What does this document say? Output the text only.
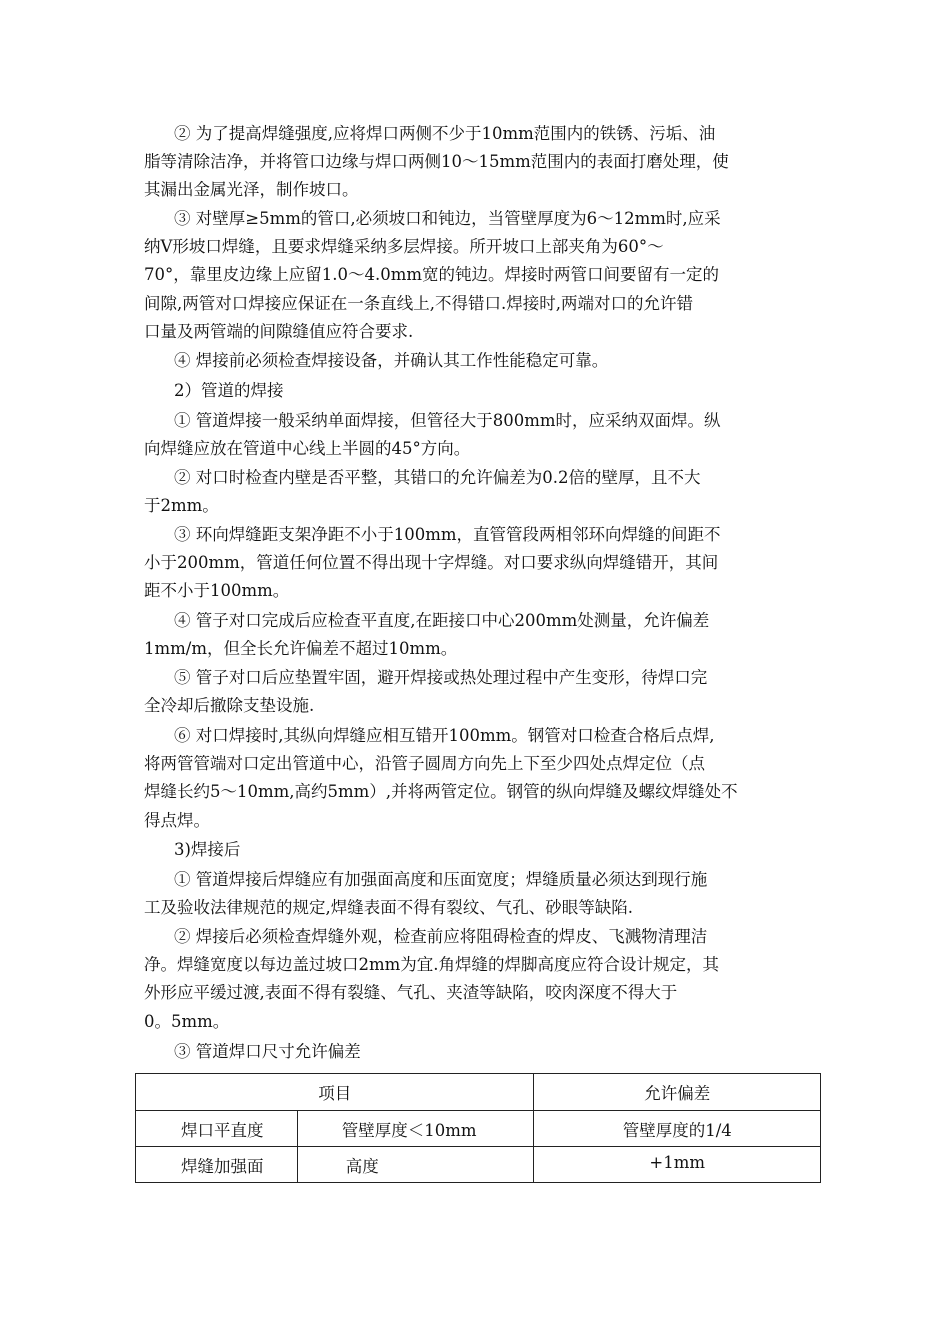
② 为了提高焊缝强度,应将焊口两侧不少于10mm范围内的铁锈、污垢、油
脂等清除洁净，并将管口边缘与焊口两侧10～15mm范围内的表面打磨处理，使
其漏出金属光泽，制作坡口。
③ 对壁厚≥5mm的管口,必须坡口和钝边，当管壁厚度为6～12mm时,应采
纳V形坡口焊缝，且要求焊缝采纳多层焊接。所开坡口上部夹角为60°～
70°，靠里皮边缘上应留1.0～4.0mm宽的钝边。焊接时两管口间要留有一定的
间隙,两管对口焊接应保证在一条直线上,不得错口.焊接时,两端对口的允许错
口量及两管端的间隙缝值应符合要求.
④ 焊接前必须检查焊接设备，并确认其工作性能稳定可靠。
2）管道的焊接
① 管道焊接一般采纳单面焊接，但管径大于800mm时，应采纳双面焊。纵
向焊缝应放在管道中心线上半圆的45°方向。
② 对口时检查内壁是否平整，其错口的允许偏差为0.2倍的壁厚，且不大
于2mm。
③ 环向焊缝距支架净距不小于100mm，直管管段两相邻环向焊缝的间距不
小于200mm，管道任何位置不得出现十字焊缝。对口要求纵向焊缝错开，其间
距不小于100mm。
④ 管子对口完成后应检查平直度,在距接口中心200mm处测量，允许偏差
1mm/m，但全长允许偏差不超过10mm。
⑤ 管子对口后应垫置牢固，避开焊接或热处理过程中产生变形，待焊口完
全冷却后撤除支垫设施.
⑥ 对口焊接时,其纵向焊缝应相互错开100mm。钢管对口检查合格后点焊,
将两管管端对口定出管道中心，沿管子圆周方向先上下至少四处点焊定位（点
焊缝长约5～10mm,高约5mm）,并将两管定位。钢管的纵向焊缝及螺纹焊缝处不
得点焊。
3)焊接后
① 管道焊接后焊缝应有加强面高度和压面宽度；焊缝质量必须达到现行施
工及验收法律规范的规定,焊缝表面不得有裂纹、气孔、砂眼等缺陷.
② 焊接后必须检查焊缝外观，检查前应将阻碍检查的焊皮、飞溅物清理洁
净。焊缝宽度以每边盖过坡口2mm为宜.角焊缝的焊脚高度应符合设计规定，其
外形应平缓过渡,表面不得有裂缝、气孔、夹渣等缺陷，咬肉深度不得大于
0。5mm。
③ 管道焊口尺寸允许偏差
项目		允许偏差

焊口平直度	管壁厚度＜10mm	管壁厚度的1/4

焊缝加强面	高度	+1mm
